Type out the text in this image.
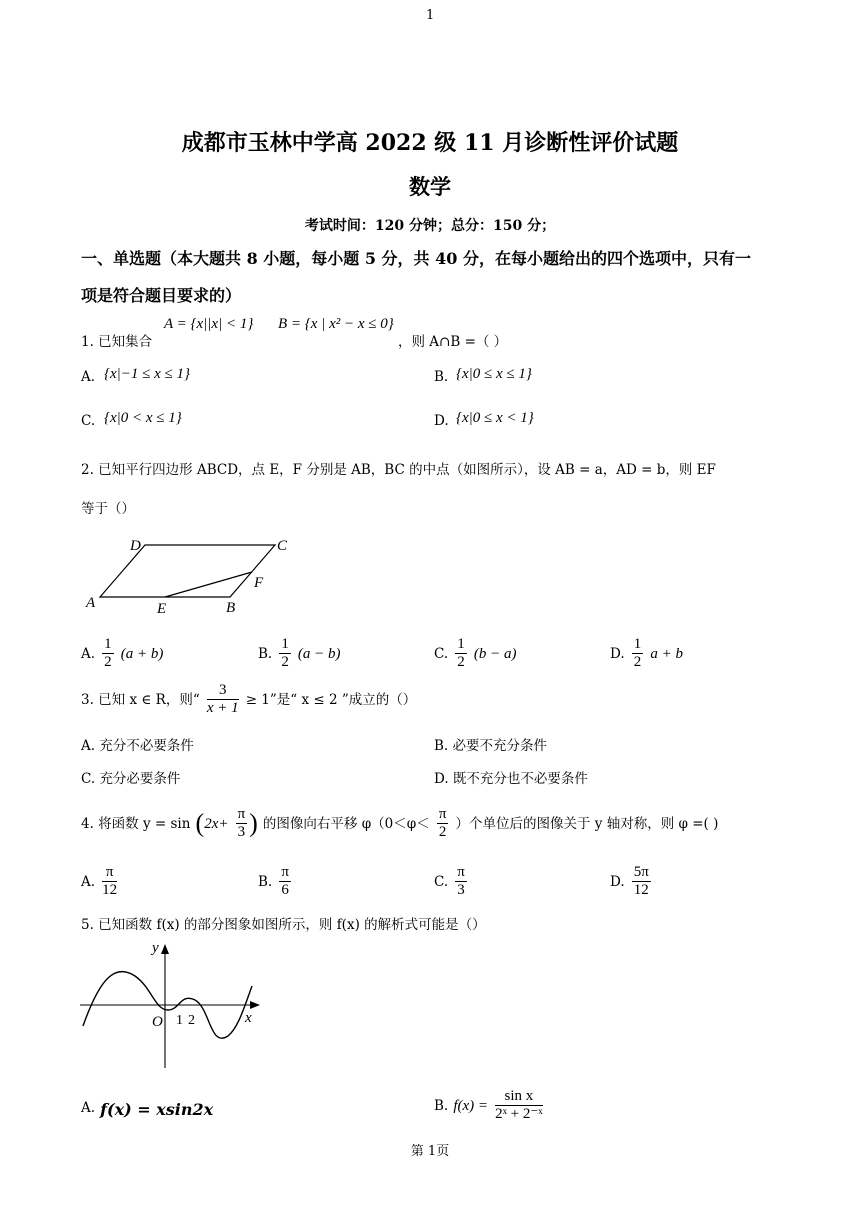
1
成都市玉林中学高 2022 级 11 月诊断性评价试题
数学
考试时间：120 分钟；总分：150 分；
一、单选题（本大题共 8 小题，每小题 5 分，共 40 分，在每小题给出的四个选项中，只有一
项是符合题目要求的）
1. 已知集合
A = {x||x| < 1} B = {x | x² − x ≤ 0}
，则 A∩B =（ ）
A. {x|−1 ≤ x ≤ 1}	B. {x|0 ≤ x ≤ 1}
C. {x|0 < x ≤ 1}	D. {x|0 ≤ x < 1}
2. 已知平行四边形 ABCD，点 E，F 分别是 AB，BC 的中点（如图所示），设 AB = a，AD = b，则 EF
等于（）
A	B
C
D
E
F
A. $\frac{1}{2} (a + b)$	B. $\frac{1}{2} (a - b)$	C. $\frac{1}{2} (b - a)$	D. $\frac{1}{2}$ a + b
3. 已知 x ∈ R，则“ $\frac{3}{x + 1} \ge 1$”是“ x ≤ 2 ”成立的（）
A. 充分不必要条件	B. 必要不充分条件
C. 充分必要条件	D. 既不充分也不必要条件
4. 将函数 $y = \sin (2x+ \frac{\pi}{3}$ ) 的图像向右平移 $\varphi(0<\varphi< \frac{\pi}{2}$ ）个单位后的图像关于 y 轴对称，则 φ =( )
A. $\frac{\pi}{12}$	B. $\frac{\pi}{6}$	C. $\frac{\pi}{3}$	D. $\frac{5\pi}{12}$
5. 已知函数 f(x) 的部分图象如图所示，则 f(x) 的解析式可能是（）
y
x
O 1 2
$^{A.}$ f(x) = xsin2x	B. $f(x) = \frac{\text{sin x}}{\text{2ˣ + 2⁻ˣ}}$
第 1页
